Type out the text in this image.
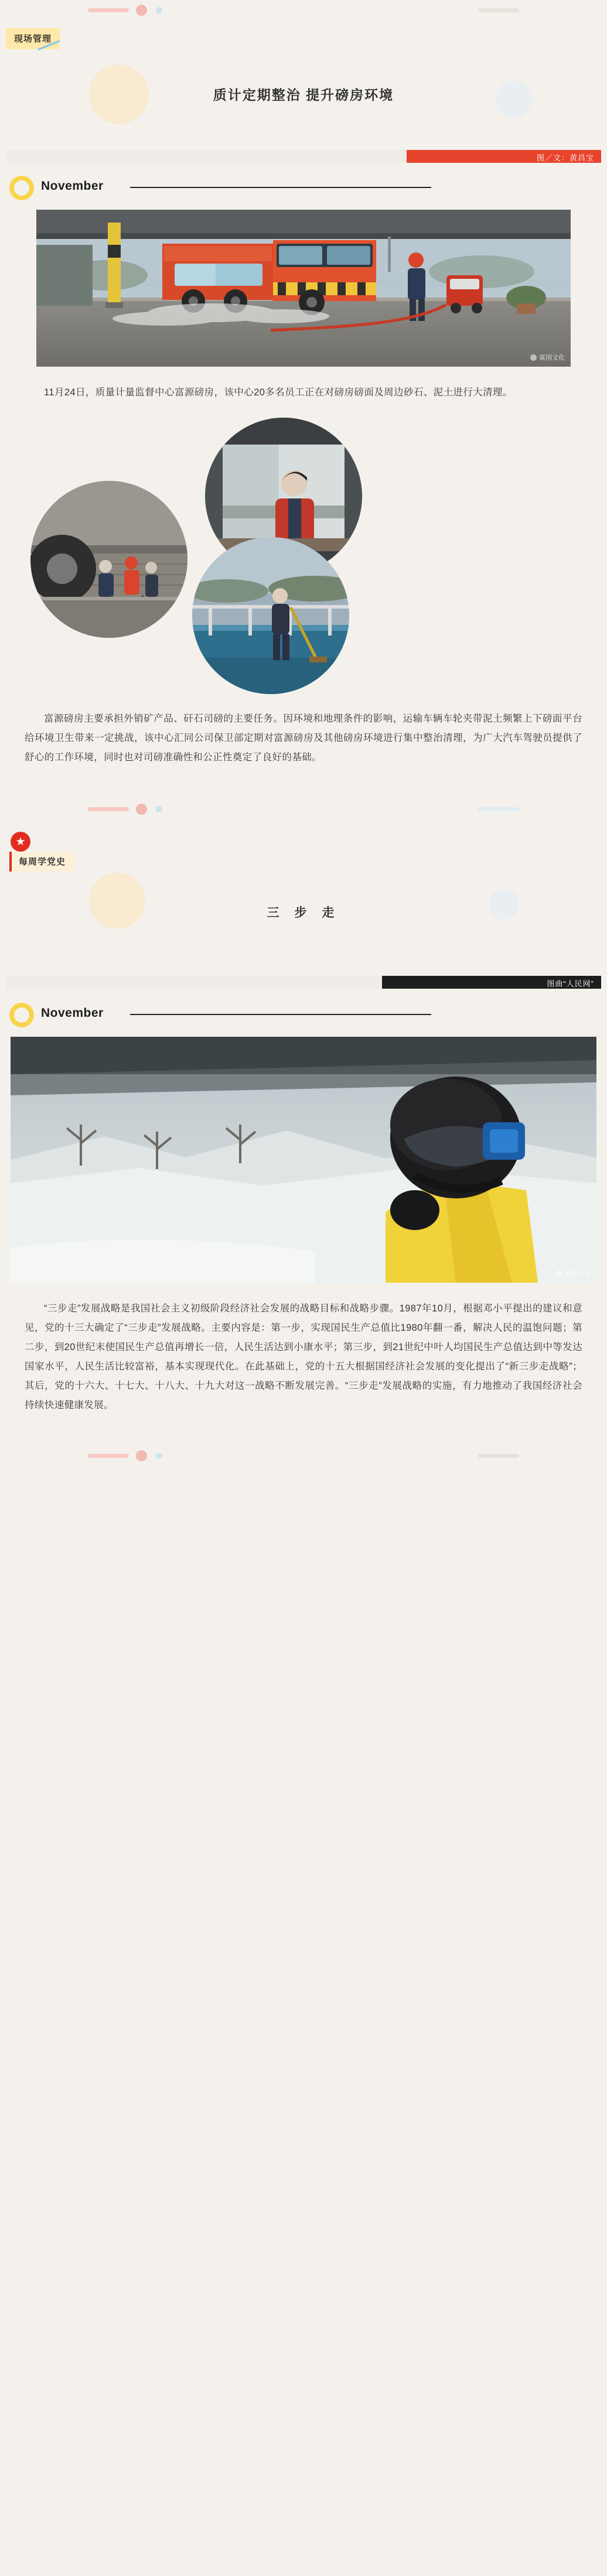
现场管理
质计定期整治 提升磅房环境
图／文：黄昌宝
November
富国文化

11月24日，质量计量监督中心富源磅房，该中心20多名员工正在对磅房磅面及周边砂石、泥土进行大清理。

富源磅房主要承担外销矿产品、矸石司磅的主要任务。因环境和地理条件的影响，运输车辆车轮夹带泥土频繁上下磅面平台给环境卫生带来一定挑战，该中心汇同公司保卫部定期对富源磅房及其他磅房环境进行集中整治清理，为广大汽车驾驶员提供了舒心的工作环境，同时也对司磅准确性和公正性奠定了良好的基础。

★
每周学党史
三 步 走
图曲“人民网”
November
富国文化

“三步走”发展战略是我国社会主义初级阶段经济社会发展的战略目标和战略步骤。1987年10月，根据邓小平提出的建议和意见，党的十三大确定了“三步走”发展战略。主要内容是：第一步，实现国民生产总值比1980年翻一番，解决人民的温饱问题；第二步，到20世纪末使国民生产总值再增长一倍，人民生活达到小康水平；第三步，到21世纪中叶人均国民生产总值达到中等发达国家水平，人民生活比较富裕，基本实现现代化。在此基础上，党的十五大根据国经济社会发展的变化提出了“新三步走战略”；其后，党的十六大、十七大、十八大、十九大对这一战略不断发展完善。“三步走”发展战略的实施，有力地推动了我国经济社会持续快速健康发展。
